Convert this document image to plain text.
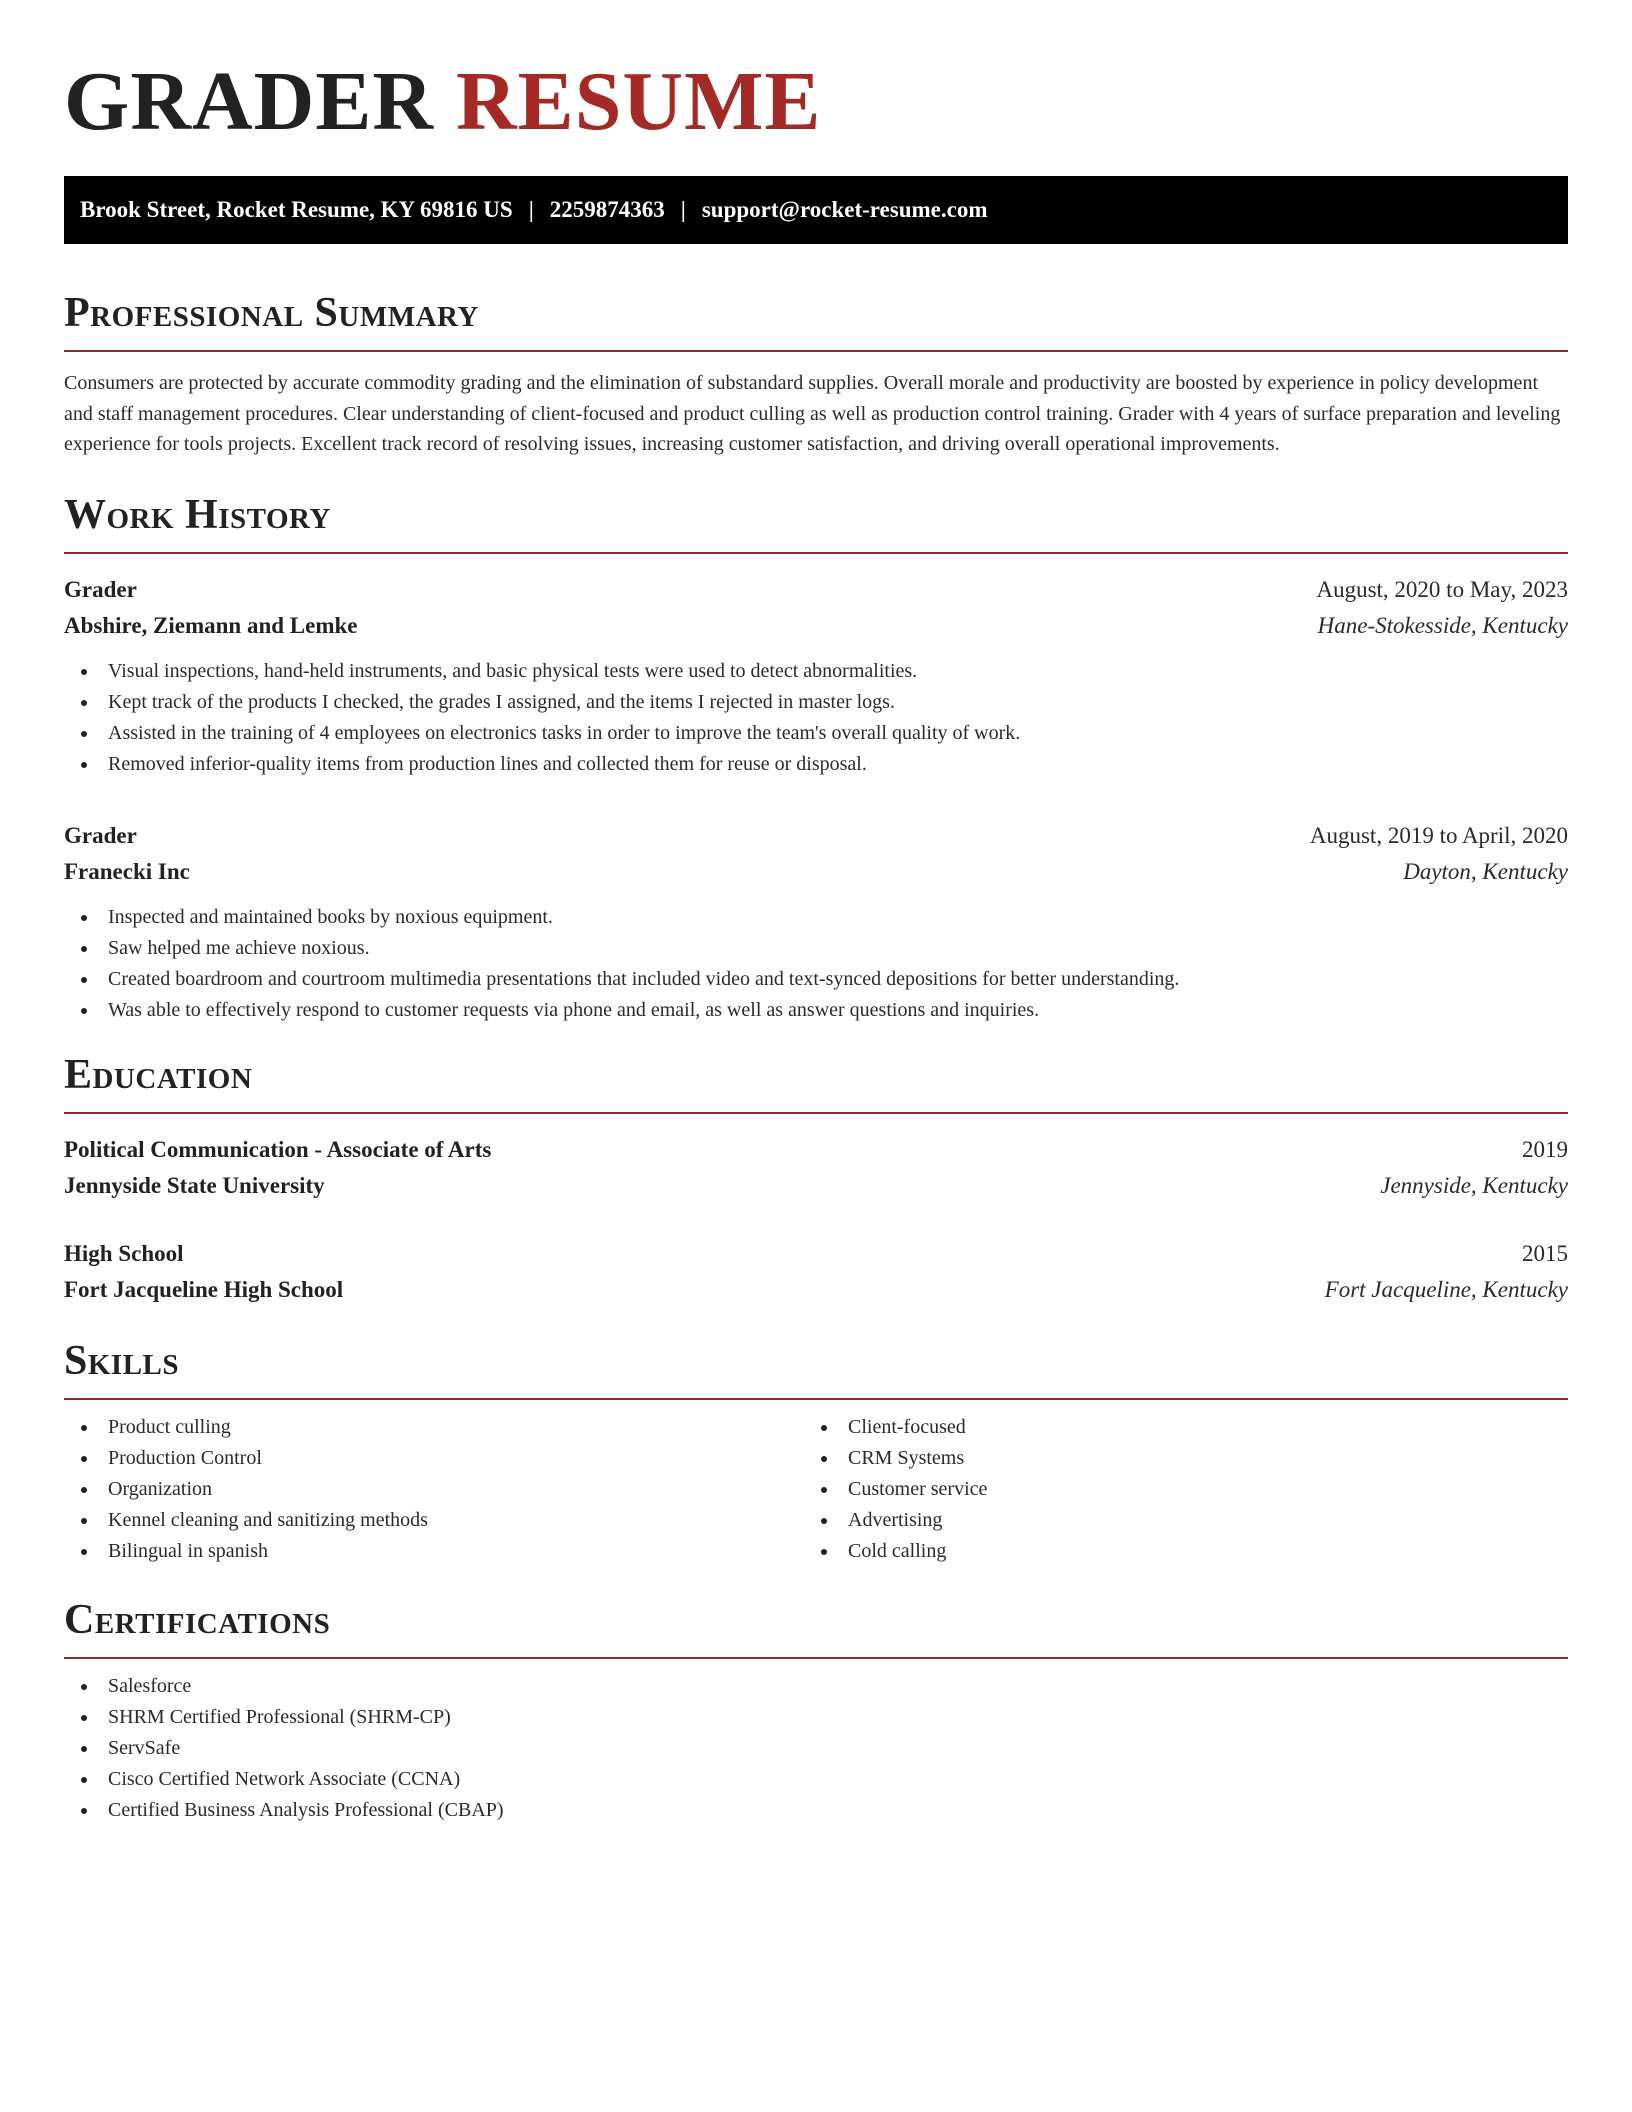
GRADER RESUME
Brook Street, Rocket Resume, KY 69816 US | 2259874363 | support@rocket-resume.com
Professional Summary

Consumers are protected by accurate commodity grading and the elimination of substandard supplies. Overall morale and productivity are boosted by experience in policy development and staff management procedures. Clear understanding of client-focused and product culling as well as production control training. Grader with 4 years of surface preparation and leveling experience for tools projects. Excellent track record of resolving issues, increasing customer satisfaction, and driving overall operational improvements.

Work History
Grader	August, 2020 to May, 2023
Abshire, Ziemann and Lemke	Hane-Stokesside, Kentucky
Visual inspections, hand-held instruments, and basic physical tests were used to detect abnormalities.
Kept track of the products I checked, the grades I assigned, and the items I rejected in master logs.
Assisted in the training of 4 employees on electronics tasks in order to improve the team's overall quality of work.
Removed inferior-quality items from production lines and collected them for reuse or disposal.
Grader	August, 2019 to April, 2020
Franecki Inc	Dayton, Kentucky
Inspected and maintained books by noxious equipment.
Saw helped me achieve noxious.
Created boardroom and courtroom multimedia presentations that included video and text-synced depositions for better understanding.
Was able to effectively respond to customer requests via phone and email, as well as answer questions and inquiries.
Education
Political Communication - Associate of Arts	2019
Jennyside State University	Jennyside, Kentucky
High School	2015
Fort Jacqueline High School	Fort Jacqueline, Kentucky
Skills
Product culling
Production Control
Organization
Kennel cleaning and sanitizing methods
Bilingual in spanish
Client-focused
CRM Systems
Customer service
Advertising
Cold calling
Certifications
Salesforce
SHRM Certified Professional (SHRM-CP)
ServSafe
Cisco Certified Network Associate (CCNA)
Certified Business Analysis Professional (CBAP)
